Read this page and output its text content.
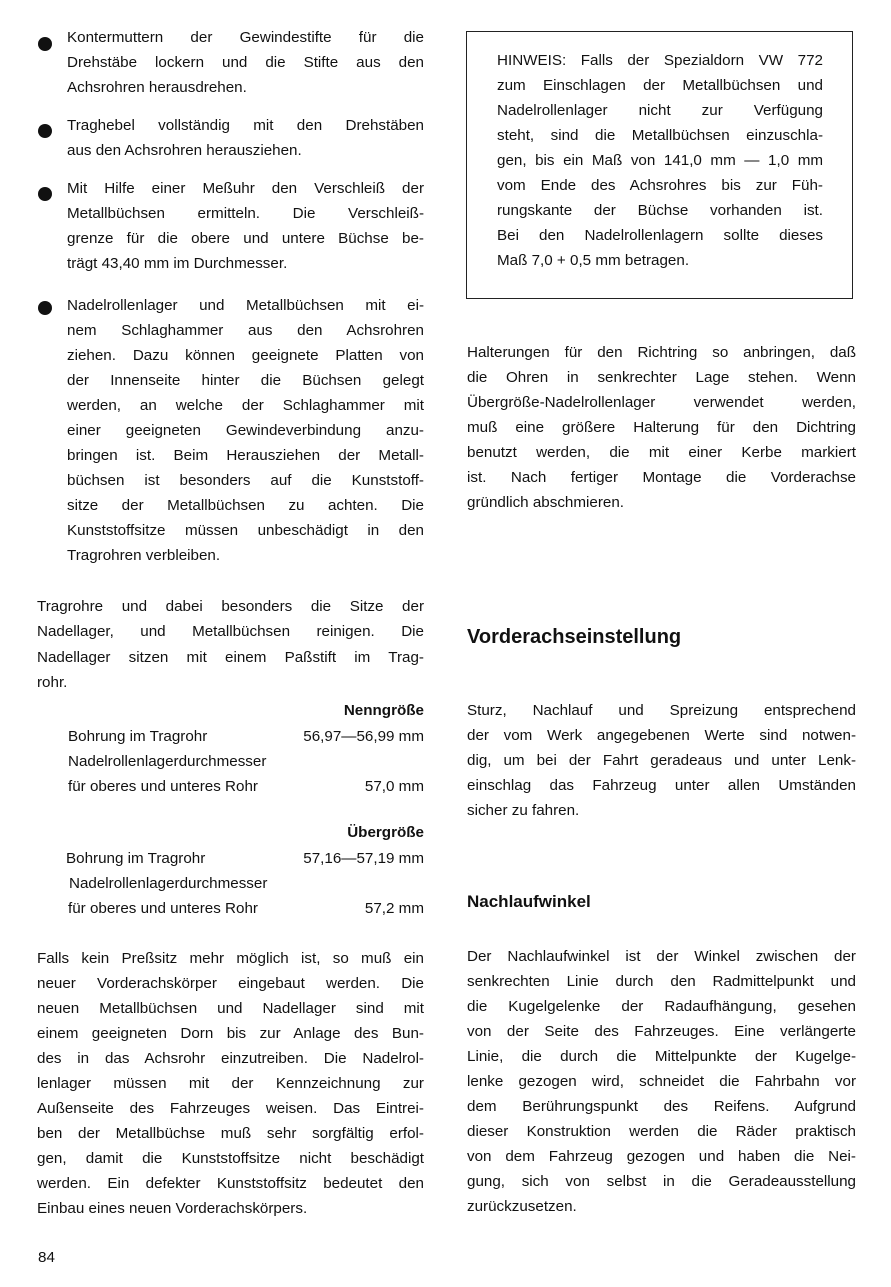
Kontermuttern der Gewindestifte für die
Drehstäbe lockern und die Stifte aus den
Achsrohren herausdrehen.
Traghebel vollständig mit den Drehstäben
aus den Achsrohren herausziehen.
Mit Hilfe einer Meßuhr den Verschleiß der
Metallbüchsen ermitteln. Die Verschleiß-
grenze für die obere und untere Büchse be-
trägt 43,40 mm im Durchmesser.
Nadelrollenlager und Metallbüchsen mit ei-
nem Schlaghammer aus den Achsrohren
ziehen. Dazu können geeignete Platten von
der Innenseite hinter die Büchsen gelegt
werden, an welche der Schlaghammer mit
einer geeigneten Gewindeverbindung anzu-
bringen ist. Beim Herausziehen der Metall-
büchsen ist besonders auf die Kunststoff-
sitze der Metallbüchsen zu achten. Die
Kunststoffsitze müssen unbeschädigt in den
Tragrohren verbleiben.
Tragrohre und dabei besonders die Sitze der
Nadellager, und Metallbüchsen reinigen. Die
Nadellager sitzen mit einem Paßstift im Trag-
rohr.
Nenngröße
Bohrung im Tragrohr	56,97—56,99 mm
Nadelrollenlagerdurchmesser
für oberes und unteres Rohr	57,0 mm
Übergröße
Bohrung im Tragrohr	57,16—57,19 mm
Nadelrollenlagerdurchmesser
für oberes und unteres Rohr	57,2 mm
Falls kein Preßsitz mehr möglich ist, so muß ein
neuer Vorderachskörper eingebaut werden. Die
neuen Metallbüchsen und Nadellager sind mit
einem geeigneten Dorn bis zur Anlage des Bun-
des in das Achsrohr einzutreiben. Die Nadelrol-
lenlager müssen mit der Kennzeichnung zur
Außenseite des Fahrzeuges weisen. Das Eintrei-
ben der Metallbüchse muß sehr sorgfältig erfol-
gen, damit die Kunststoffsitze nicht beschädigt
werden. Ein defekter Kunststoffsitz bedeutet den
Einbau eines neuen Vorderachskörpers.
84
HINWEIS: Falls der Spezialdorn VW 772
zum Einschlagen der Metallbüchsen und
Nadelrollenlager nicht zur Verfügung
steht, sind die Metallbüchsen einzuschla-
gen, bis ein Maß von 141,0 mm — 1,0 mm
vom Ende des Achsrohres bis zur Füh-
rungskante der Büchse vorhanden ist.
Bei den Nadelrollenlagern sollte dieses
Maß 7,0 + 0,5 mm betragen.
Halterungen für den Richtring so anbringen, daß
die Ohren in senkrechter Lage stehen. Wenn
Übergröße-Nadelrollenlager verwendet werden,
muß eine größere Halterung für den Dichtring
benutzt werden, die mit einer Kerbe markiert
ist. Nach fertiger Montage die Vorderachse
gründlich abschmieren.
Vorderachseinstellung
Sturz, Nachlauf und Spreizung entsprechend
der vom Werk angegebenen Werte sind notwen-
dig, um bei der Fahrt geradeaus und unter Lenk-
einschlag das Fahrzeug unter allen Umständen
sicher zu fahren.
Nachlaufwinkel
Der Nachlaufwinkel ist der Winkel zwischen der
senkrechten Linie durch den Radmittelpunkt und
die Kugelgelenke der Radaufhängung, gesehen
von der Seite des Fahrzeuges. Eine verlängerte
Linie, die durch die Mittelpunkte der Kugelge-
lenke gezogen wird, schneidet die Fahrbahn vor
dem Berührungspunkt des Reifens. Aufgrund
dieser Konstruktion werden die Räder praktisch
von dem Fahrzeug gezogen und haben die Nei-
gung, sich von selbst in die Geradeausstellung
zurückzusetzen.
